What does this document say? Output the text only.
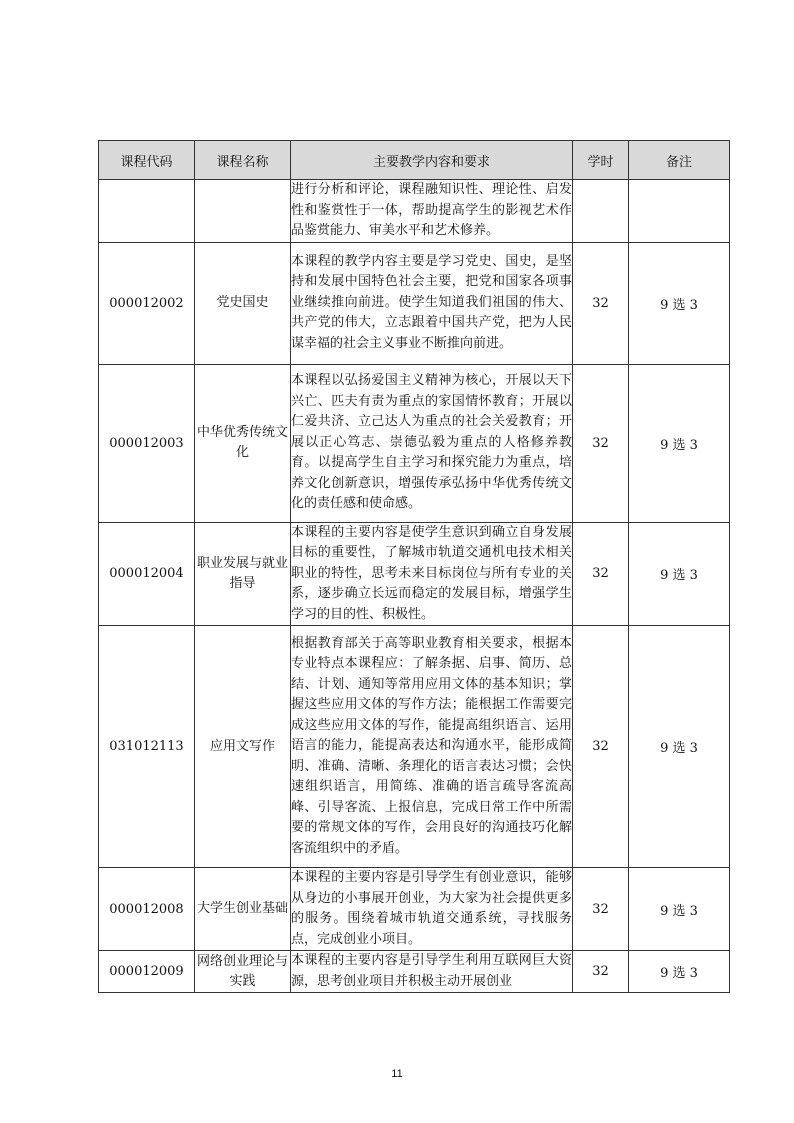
课程代码	课程名称	主要教学内容和要求	学时	备注

		进行分析和评论，课程融知识性、理论性、启发性和鉴赏性于一体，帮助提高学生的影视艺术作品鉴赏能力、审美水平和艺术修养。		

000012002	党史国史	本课程的教学内容主要是学习党史、国史，是坚持和发展中国特色社会主要，把党和国家各项事业继续推向前进。使学生知道我们祖国的伟大、共产党的伟大，立志跟着中国共产党，把为人民谋幸福的社会主义事业不断推向前进。	32	9 选 3
000012003	中华优秀传统文化	本课程以弘扬爱国主义精神为核心，开展以天下兴亡、匹夫有责为重点的家国情怀教育；开展以仁爱共济、立己达人为重点的社会关爱教育；开展以正心笃志、崇德弘毅为重点的人格修养教育。以提高学生自主学习和探究能力为重点，培养文化创新意识，增强传承弘扬中华优秀传统文化的责任感和使命感。	32	9 选 3
000012004	职业发展与就业指导	本课程的主要内容是使学生意识到确立自身发展目标的重要性，了解城市轨道交通机电技术相关职业的特性，思考未来目标岗位与所有专业的关系，逐步确立长远而稳定的发展目标，增强学生学习的目的性、积极性。	32	9 选 3
031012113	应用文写作	根据教育部关于高等职业教育相关要求，根据本专业特点本课程应：了解条据、启事、简历、总结、计划、通知等常用应用文体的基本知识；掌握这些应用文体的写作方法；能根据工作需要完成这些应用文体的写作，能提高组织语言、运用语言的能力，能提高表达和沟通水平，能形成简明、准确、清晰、条理化的语言表达习惯；会快速组织语言，用简练、准确的语言疏导客流高峰、引导客流、上报信息，完成日常工作中所需要的常规文体的写作，会用良好的沟通技巧化解客流组织中的矛盾。	32	9 选 3
000012008	大学生创业基础	本课程的主要内容是引导学生有创业意识，能够从身边的小事展开创业，为大家为社会提供更多的服务。围绕着城市轨道交通系统，寻找服务点，完成创业小项目。	32	9 选 3
000012009	网络创业理论与实践	本课程的主要内容是引导学生利用互联网巨大资源，思考创业项目并积极主动开展创业	32	9 选 3
11
